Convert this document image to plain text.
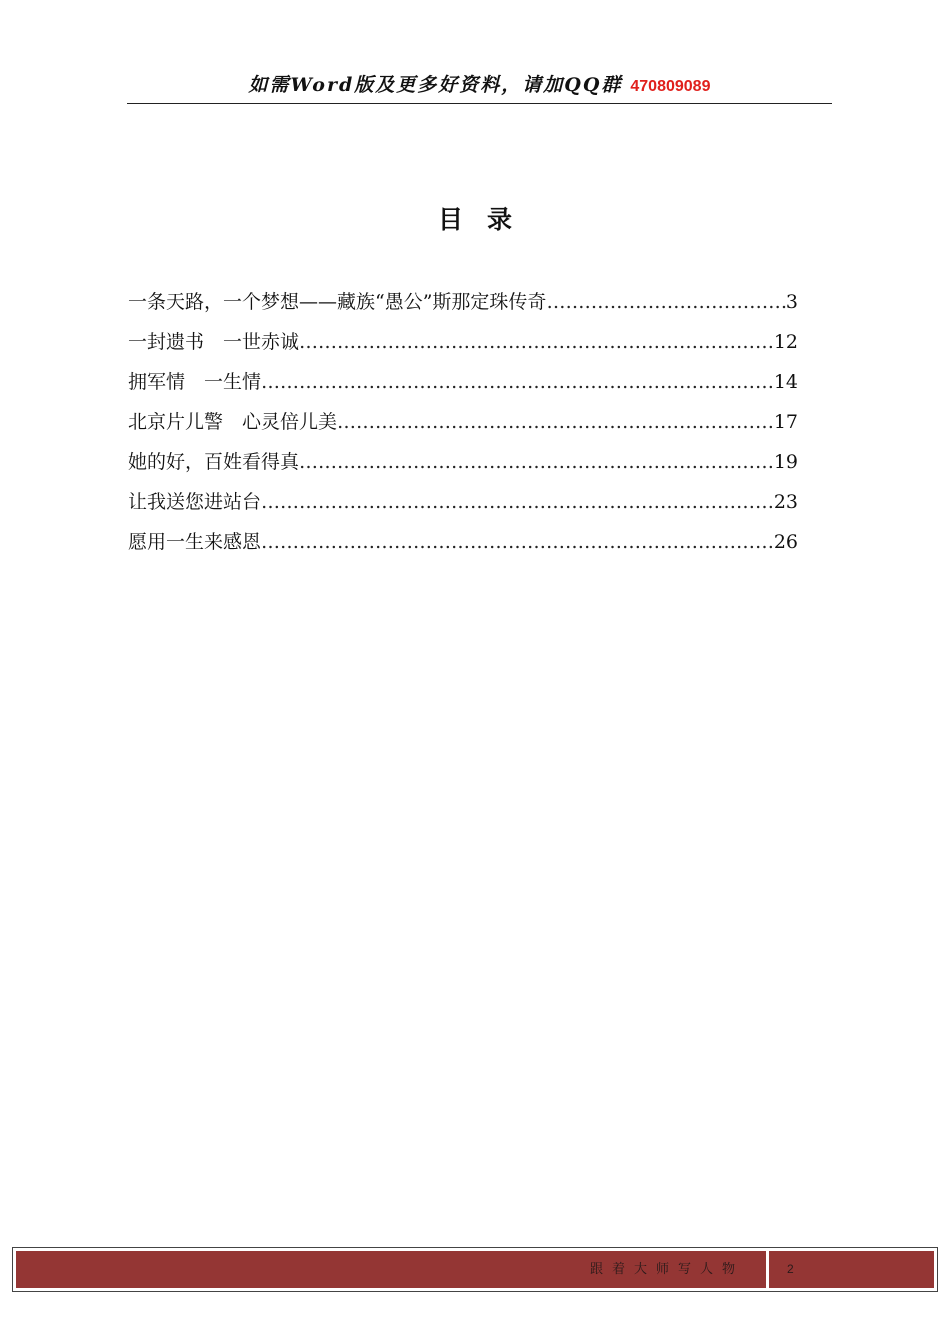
如需Word版及更多好资料，请加QQ群 470809089
目录
一条天路，一个梦想——藏族“愚公”斯那定珠传奇 ……………………………………………………………………………………………………………………………………………………	3
一封遗书　一世赤诚 ……………………………………………………………………………………………………………………………………………………	12
拥军情　一生情 ……………………………………………………………………………………………………………………………………………………	14
北京片儿警　心灵倍儿美 ……………………………………………………………………………………………………………………………………………………	17
她的好，百姓看得真 ……………………………………………………………………………………………………………………………………………………	19
让我送您进站台 ……………………………………………………………………………………………………………………………………………………	23
愿用一生来感恩 ……………………………………………………………………………………………………………………………………………………	26
跟着大师写人物	2
